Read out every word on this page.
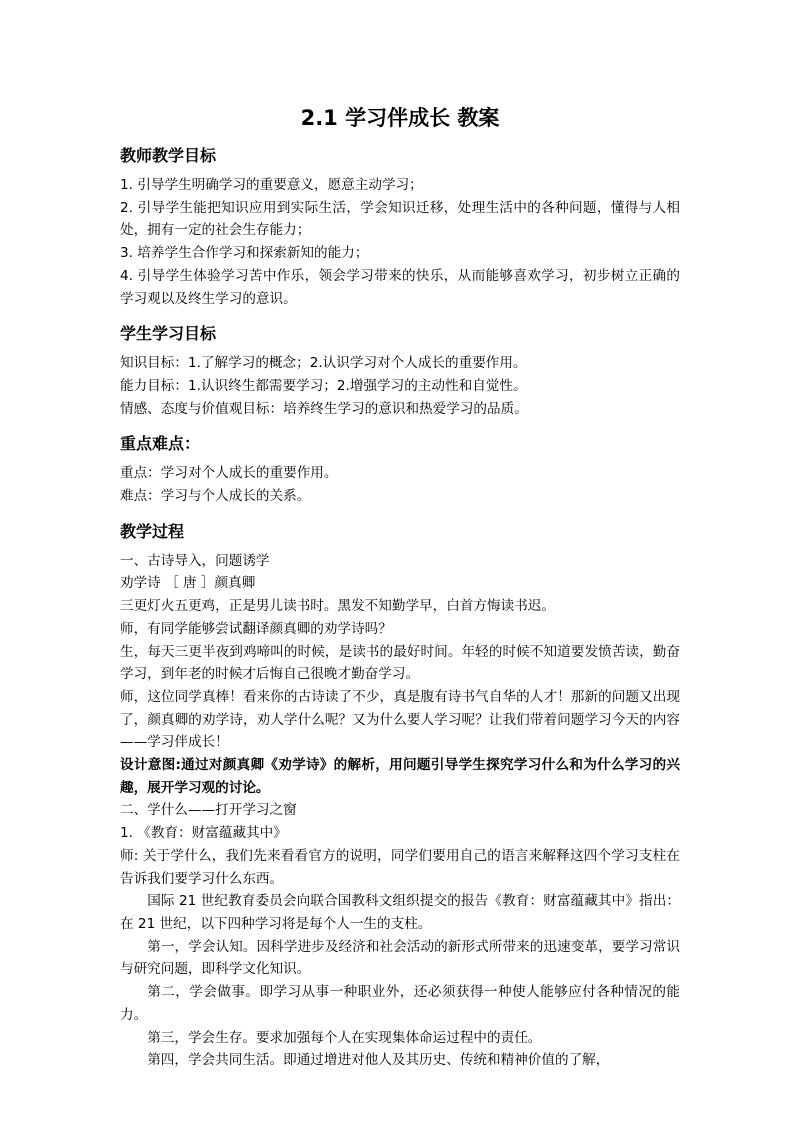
2.1 学习伴成长 教案
教师教学目标

1. 引导学生明确学习的重要意义，愿意主动学习；

2. 引导学生能把知识应用到实际生活，学会知识迁移，处理生活中的各种问题，懂得与人相处，拥有一定的社会生存能力；

3. 培养学生合作学习和探索新知的能力；

4. 引导学生体验学习苦中作乐，领会学习带来的快乐，从而能够喜欢学习，初步树立正确的学习观以及终生学习的意识。

学生学习目标

知识目标：1.了解学习的概念；2.认识学习对个人成长的重要作用。

能力目标：1.认识终生都需要学习；2.增强学习的主动性和自觉性。

情感、态度与价值观目标：培养终生学习的意识和热爱学习的品质。

重点难点：

重点：学习对个人成长的重要作用。

难点：学习与个人成长的关系。

教学过程

一、古诗导入，问题诱学

劝学诗 ［ 唐 ］颜真卿

三更灯火五更鸡，正是男儿读书时。黑发不知勤学早，白首方悔读书迟。

师，有同学能够尝试翻译颜真卿的劝学诗吗？

生，每天三更半夜到鸡啼叫的时候，是读书的最好时间。年轻的时候不知道要发愤苦读，勤奋学习，到年老的时候才后悔自己很晚才勤奋学习。

师，这位同学真棒！看来你的古诗读了不少，真是腹有诗书气自华的人才！那新的问题又出现了，颜真卿的劝学诗，劝人学什么呢？又为什么要人学习呢？让我们带着问题学习今天的内容——学习伴成长！

设计意图:通过对颜真卿《劝学诗》的解析，用问题引导学生探究学习什么和为什么学习的兴趣，展开学习观的讨论。

二、学什么——打开学习之窗

1. 《教育：财富蕴藏其中》

师: 关于学什么，我们先来看看官方的说明，同学们要用自己的语言来解释这四个学习支柱在告诉我们要学习什么东西。

国际 21 世纪教育委员会向联合国教科文组织提交的报告《教育：财富蕴藏其中》指出：在 21 世纪，以下四种学习将是每个人一生的支柱。

第一，学会认知。因科学进步及经济和社会活动的新形式所带来的迅速变革，要学习常识与研究问题，即科学文化知识。

第二，学会做事。即学习从事一种职业外，还必须获得一种使人能够应付各种情况的能力。

第三，学会生存。要求加强每个人在实现集体命运过程中的责任。

第四，学会共同生活。即通过增进对他人及其历史、传统和精神价值的了解，
